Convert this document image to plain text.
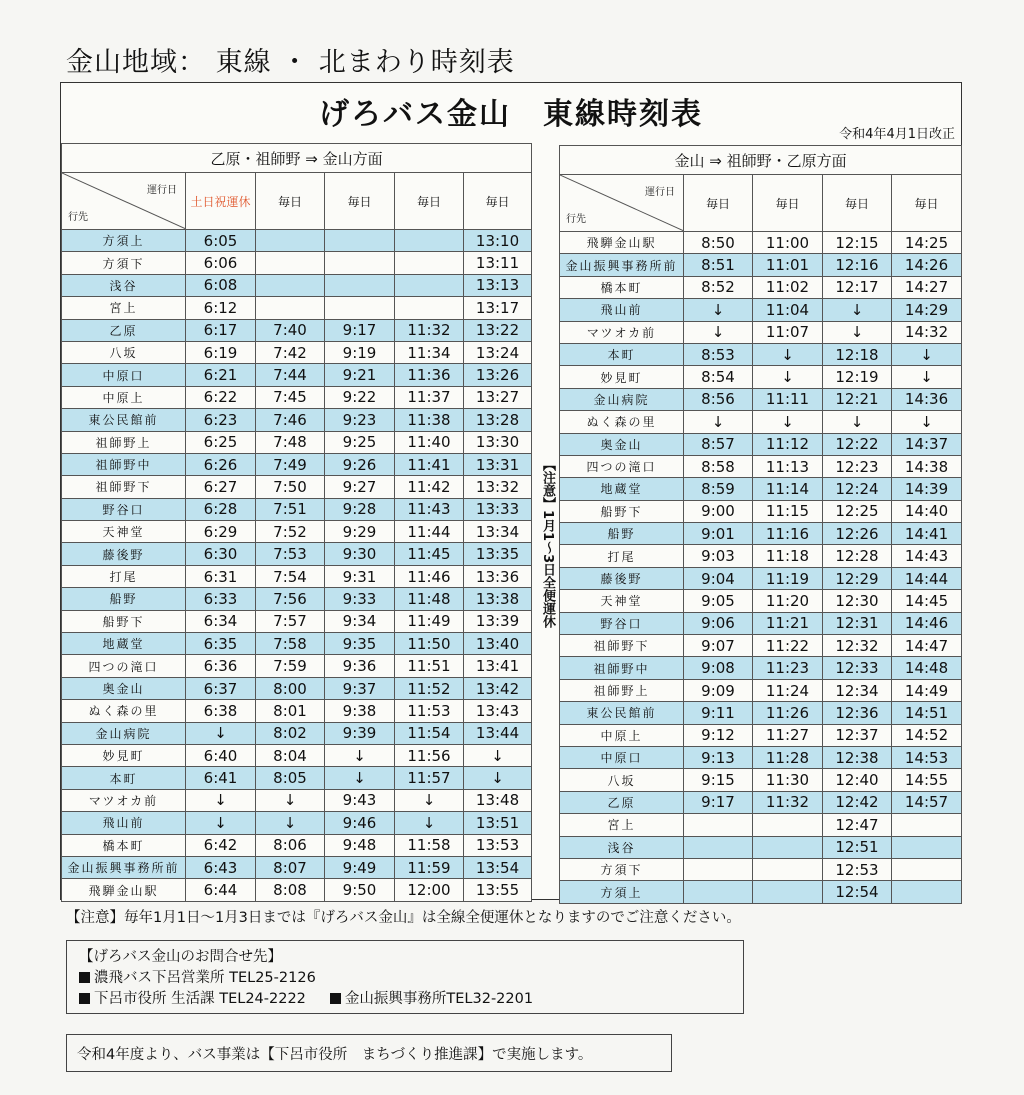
金山地域： 東線 ・ 北まわり時刻表
げろバス金山　東線時刻表
令和4年4月1日改正
乙原・祖師野 ⇒ 金山方面					

運行日
行先	土日祝運休	毎日	毎日	毎日	毎日
方須上	6:05				13:10
方須下	6:06				13:11
浅谷	6:08				13:13
宮上	6:12				13:17
乙原	6:17	7:40	9:17	11:32	13:22
八坂	6:19	7:42	9:19	11:34	13:24
中原口	6:21	7:44	9:21	11:36	13:26
中原上	6:22	7:45	9:22	11:37	13:27
東公民館前	6:23	7:46	9:23	11:38	13:28
祖師野上	6:25	7:48	9:25	11:40	13:30
祖師野中	6:26	7:49	9:26	11:41	13:31
祖師野下	6:27	7:50	9:27	11:42	13:32
野谷口	6:28	7:51	9:28	11:43	13:33
天神堂	6:29	7:52	9:29	11:44	13:34
藤後野	6:30	7:53	9:30	11:45	13:35
打尾	6:31	7:54	9:31	11:46	13:36
船野	6:33	7:56	9:33	11:48	13:38
船野下	6:34	7:57	9:34	11:49	13:39
地蔵堂	6:35	7:58	9:35	11:50	13:40
四つの滝口	6:36	7:59	9:36	11:51	13:41
奥金山	6:37	8:00	9:37	11:52	13:42
ぬく森の里	6:38	8:01	9:38	11:53	13:43
金山病院	↓	8:02	9:39	11:54	13:44
妙見町	6:40	8:04	↓	11:56	↓
本町	6:41	8:05	↓	11:57	↓
マツオカ前	↓	↓	9:43	↓	13:48
飛山前	↓	↓	9:46	↓	13:51
橋本町	6:42	8:06	9:48	11:58	13:53
金山振興事務所前	6:43	8:07	9:49	11:59	13:54
飛騨金山駅	6:44	8:08	9:50	12:00	13:55
【注意】1月1〜3日全便運休
金山 ⇒ 祖師野・乙原方面				

運行日
行先	毎日	毎日	毎日	毎日
飛騨金山駅	8:50	11:00	12:15	14:25
金山振興事務所前	8:51	11:01	12:16	14:26
橋本町	8:52	11:02	12:17	14:27
飛山前	↓	11:04	↓	14:29
マツオカ前	↓	11:07	↓	14:32
本町	8:53	↓	12:18	↓
妙見町	8:54	↓	12:19	↓
金山病院	8:56	11:11	12:21	14:36
ぬく森の里	↓	↓	↓	↓
奥金山	8:57	11:12	12:22	14:37
四つの滝口	8:58	11:13	12:23	14:38
地蔵堂	8:59	11:14	12:24	14:39
船野下	9:00	11:15	12:25	14:40
船野	9:01	11:16	12:26	14:41
打尾	9:03	11:18	12:28	14:43
藤後野	9:04	11:19	12:29	14:44
天神堂	9:05	11:20	12:30	14:45
野谷口	9:06	11:21	12:31	14:46
祖師野下	9:07	11:22	12:32	14:47
祖師野中	9:08	11:23	12:33	14:48
祖師野上	9:09	11:24	12:34	14:49
東公民館前	9:11	11:26	12:36	14:51
中原上	9:12	11:27	12:37	14:52
中原口	9:13	11:28	12:38	14:53
八坂	9:15	11:30	12:40	14:55
乙原	9:17	11:32	12:42	14:57
宮上			12:47	
浅谷			12:51	
方須下			12:53	
方須上			12:54	
【注意】毎年1月1日〜1月3日までは『げろバス金山』は全線全便運休となりますのでご注意ください。
【げろバス金山のお問合せ先】
濃飛バス下呂営業所 TEL25-2126
下呂市役所 生活課 TEL24-2222	金山振興事務所TEL32-2201
令和4年度より、バス事業は【下呂市役所　まちづくり推進課】で実施します。
